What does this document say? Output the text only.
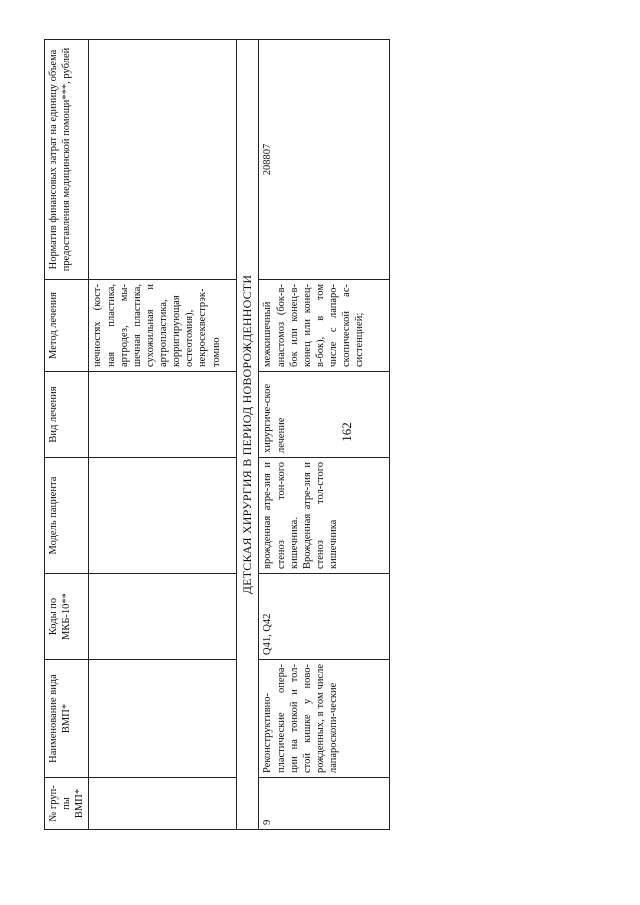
162
№ груп-пы ВМП*	Наименование вида ВМП*	Коды по МКБ-10**	Модель пациента	Вид лечения	Метод лечения	Норматив финансовых затрат на единицу объема предоставления медицинской помощи***, рублей
					нечностях (кост-ная пластика, артродез, мы-шечная пластика, сухожильная и артропластика, корригирующая остеотомия), некросеквестрэк-томию	
ДЕТСКАЯ ХИРУРГИЯ В ПЕРИОД НОВОРОЖДЕННОСТИ						
9	Реконструктивно-пластические опера-ции на тонкой и тол-стой кишке у ново-рожденных, в том числе лапароскопи-ческие	Q41, Q42	врожденная атре-зия и стеноз тон-кого кишечника. Врожденная атре-зия и стеноз тол-стого кишечника	хирургиче-ское лечение	межкишечный анастомоз (бок-в-бок или конец-в-конец или конец-в-бок), в том числе с лапаро-скопической ас-систенцией;	208807
